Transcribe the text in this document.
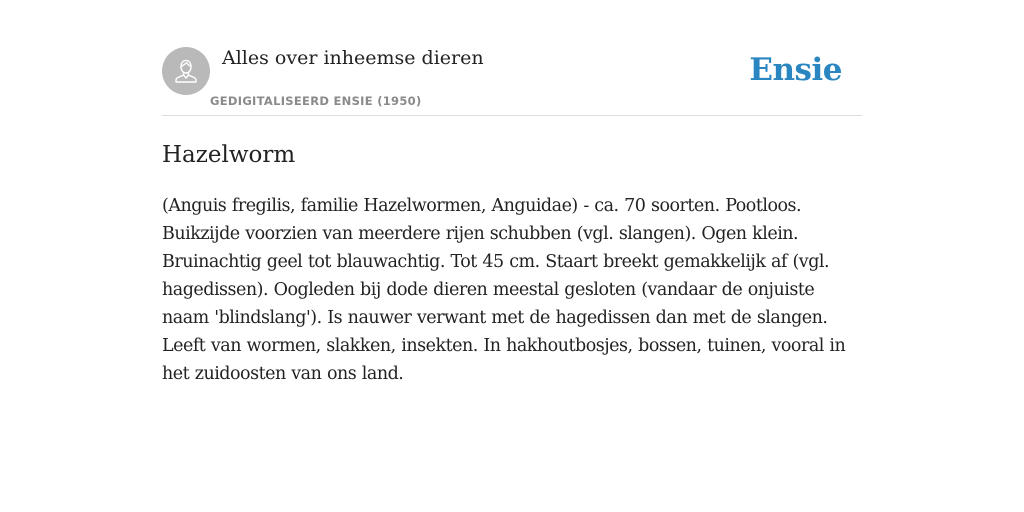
Alles over inheemse dieren
GEDIGITALISEERD ENSIE (1950)
Ensie
Hazelworm

(Anguis fregilis, familie Hazelwormen, Anguidae) - ca. 70 soorten. Pootloos. Buikzijde voorzien van meerdere rijen schubben (vgl. slangen). Ogen klein. Bruinachtig geel tot blauwachtig. Tot 45 cm. Staart breekt gemakkelijk af (vgl. hagedissen). Oogleden bij dode dieren meestal gesloten (vandaar de onjuiste naam 'blindslang'). Is nauwer verwant met de hagedissen dan met de slangen. Leeft van wormen, slakken, insekten. In hakhoutbosjes, bossen, tuinen, vooral in het zuidoosten van ons land.
